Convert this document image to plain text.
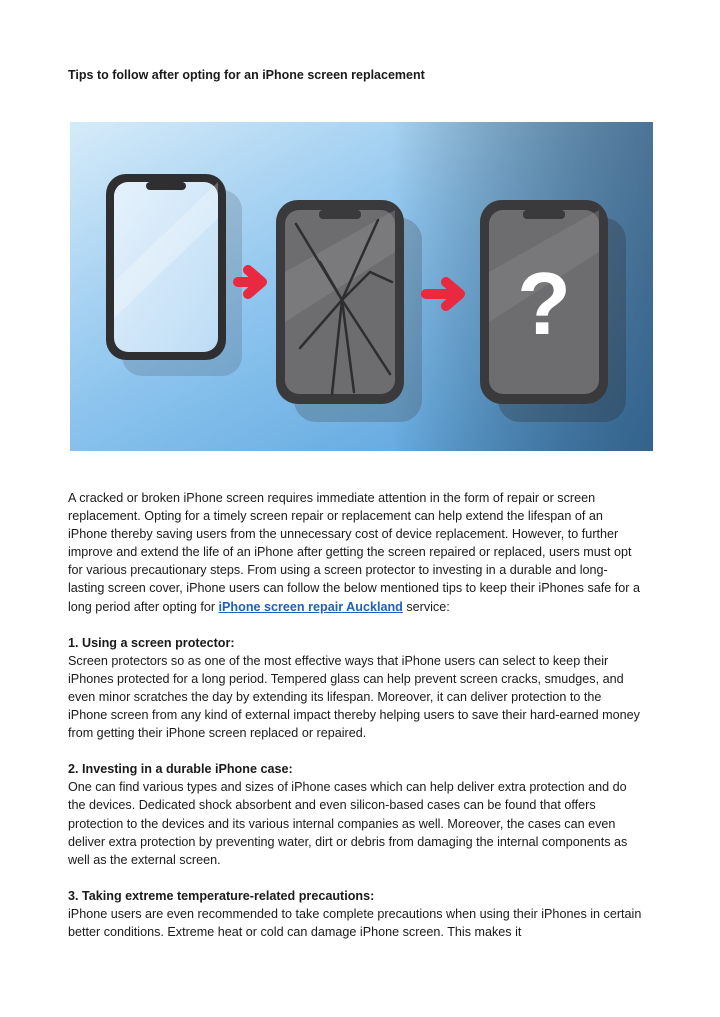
Tips to follow after opting for an iPhone screen replacement
?

A cracked or broken iPhone screen requires immediate attention in the form of repair or screen replacement. Opting for a timely screen repair or replacement can help extend the lifespan of an iPhone thereby saving users from the unnecessary cost of device replacement. However, to further improve and extend the life of an iPhone after getting the screen repaired or replaced, users must opt for various precautionary steps. From using a screen protector to investing in a durable and long-lasting screen cover, iPhone users can follow the below mentioned tips to keep their iPhones safe for a long period after opting for iPhone screen repair Auckland service:

1. Using a screen protector:

Screen protectors so as one of the most effective ways that iPhone users can select to keep their iPhones protected for a long period. Tempered glass can help prevent screen cracks, smudges, and even minor scratches the day by extending its lifespan. Moreover, it can deliver protection to the iPhone screen from any kind of external impact thereby helping users to save their hard-earned money from getting their iPhone screen replaced or repaired.

2. Investing in a durable iPhone case:

One can find various types and sizes of iPhone cases which can help deliver extra protection and do the devices. Dedicated shock absorbent and even silicon-based cases can be found that offers protection to the devices and its various internal companies as well. Moreover, the cases can even deliver extra protection by preventing water, dirt or debris from damaging the internal components as well as the external screen.

3. Taking extreme temperature-related precautions:

iPhone users are even recommended to take complete precautions when using their iPhones in certain better conditions. Extreme heat or cold can damage iPhone screen. This makes it
